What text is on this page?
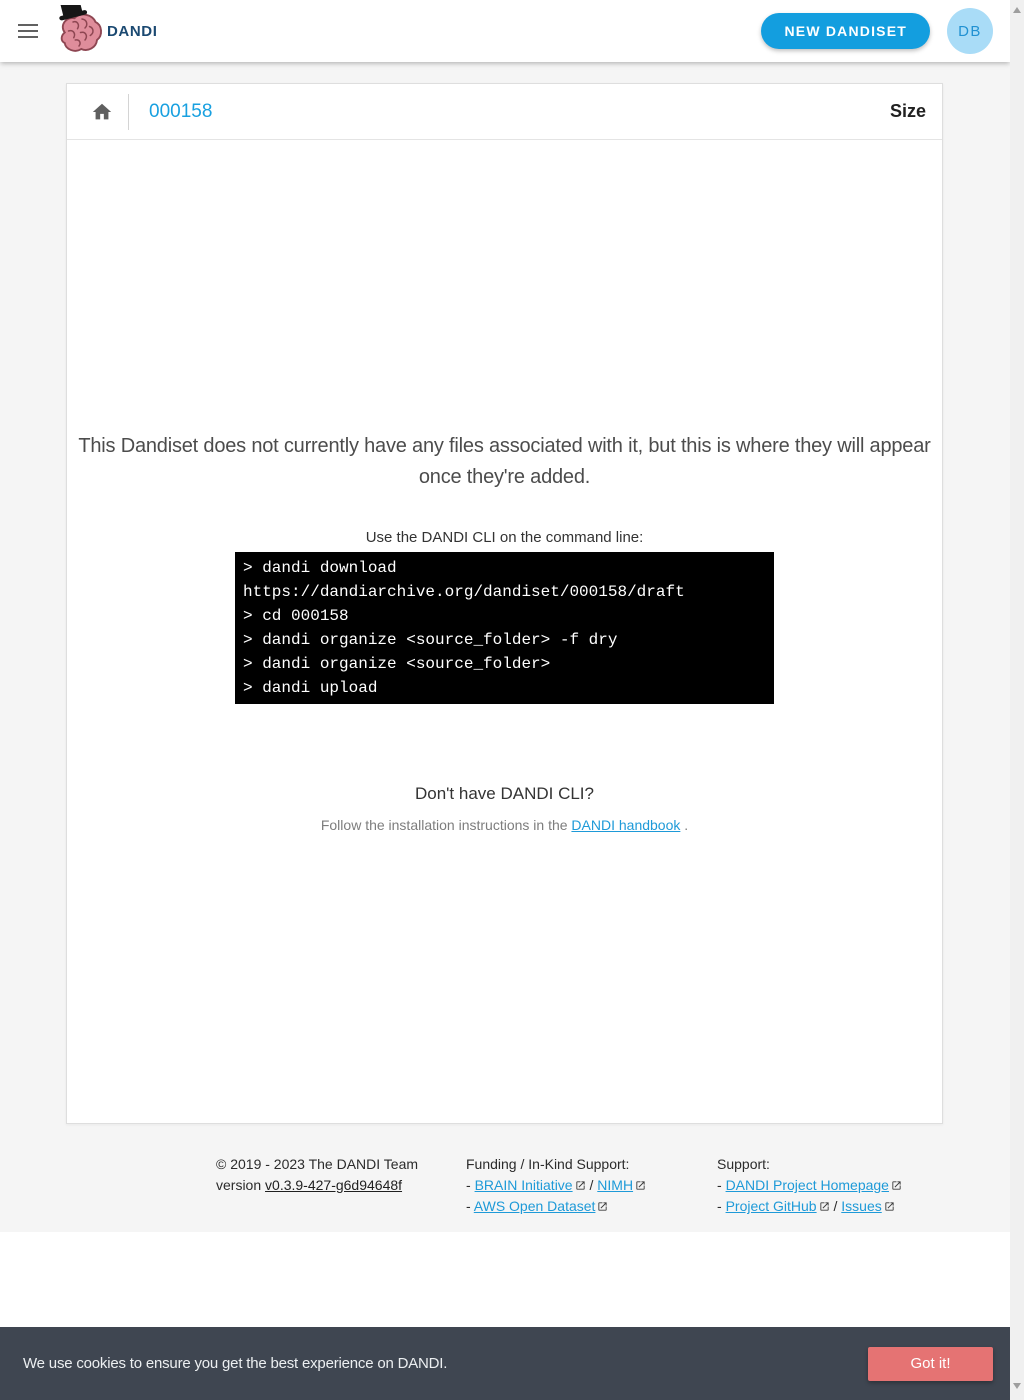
DANDI	NEW DANDISET	DB
000158	Size
This Dandiset does not currently have any files associated with it, but this is where they will appear once they're added.
Use the DANDI CLI on the command line:
> dandi download https://dandiarchive.org/dandiset/000158/draft
> cd 000158
> dandi organize <source_folder> -f dry
> dandi organize <source_folder>
> dandi upload
Don't have DANDI CLI?
Follow the installation instructions in the DANDI handbook .
© 2019 - 2023 The DANDI Team
version v0.3.9-427-g6d94648f
Funding / In-Kind Support:
- BRAIN Initiative / NIMH
- AWS Open Dataset
Support:
- DANDI Project Homepage
- Project GitHub / Issues
We use cookies to ensure you get the best experience on DANDI.	Got it!
